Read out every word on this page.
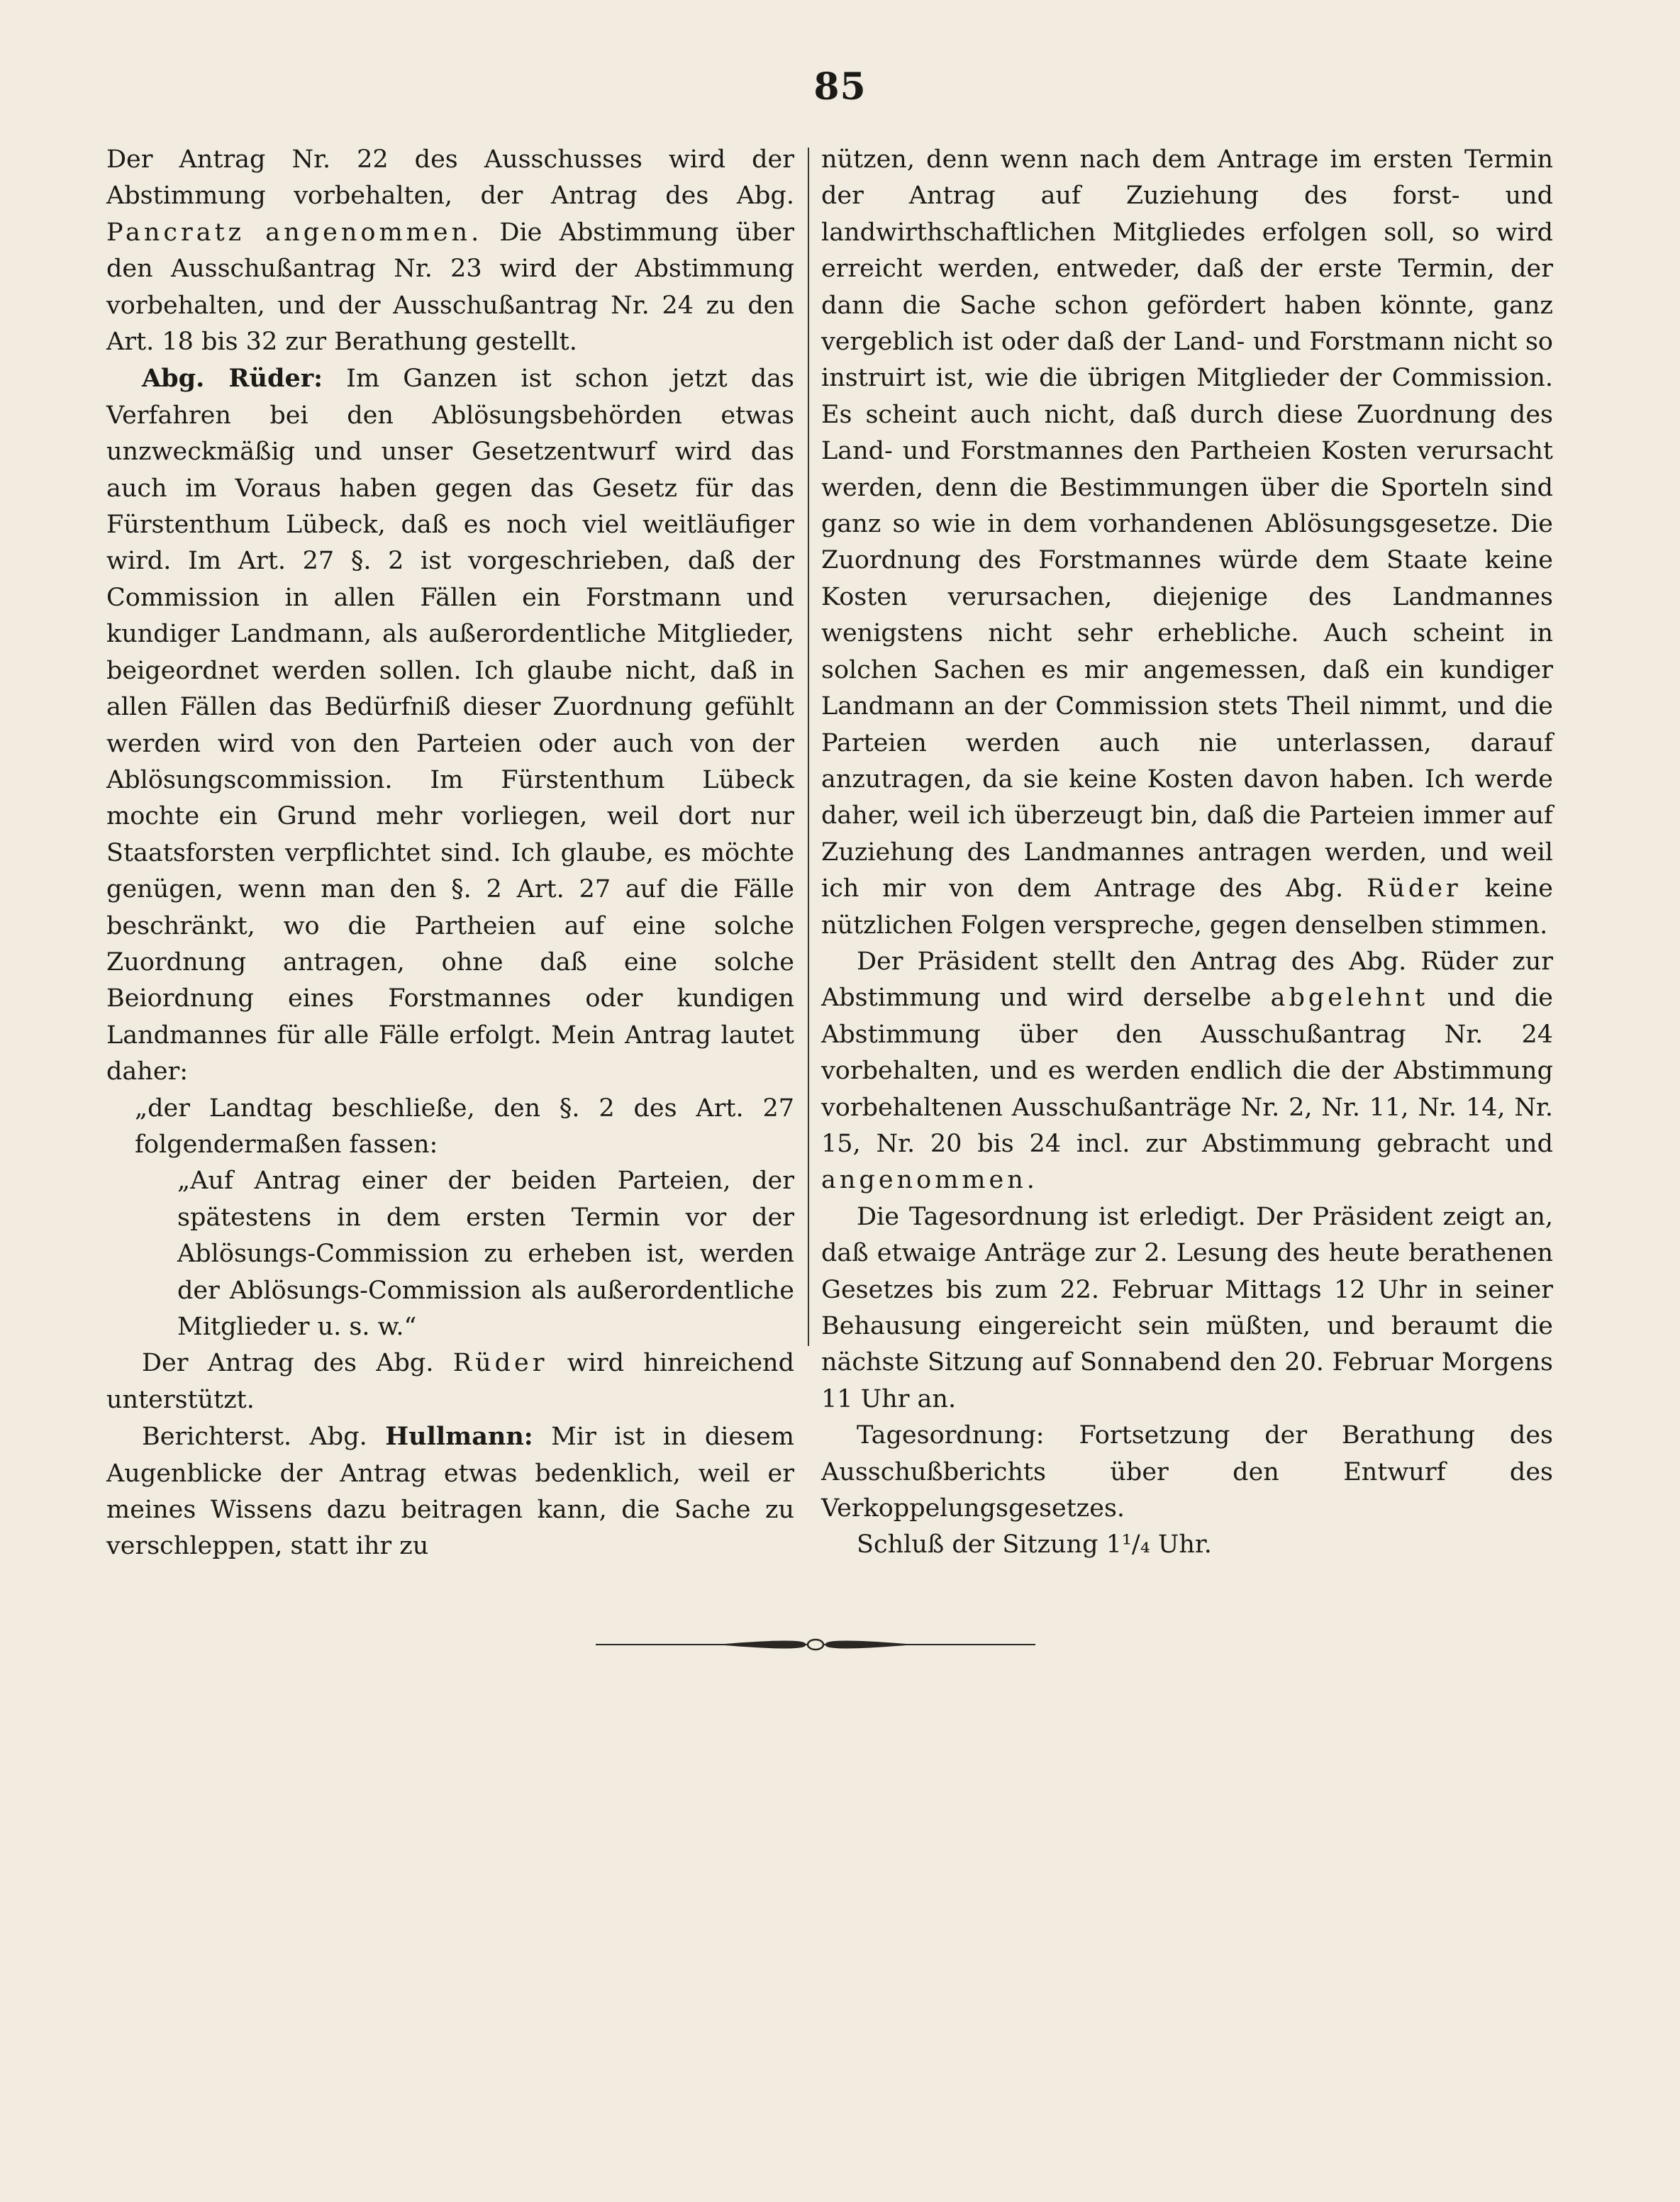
85

Der Antrag Nr. 22 des Ausschusses wird der Abstimmung vorbehalten, der Antrag des Abg. Pancratz angenommen. Die Abstimmung über den Ausschußantrag Nr. 23 wird der Abstimmung vorbehalten, und der Ausschußantrag Nr. 24 zu den Art. 18 bis 32 zur Berathung gestellt.

Abg. Rüder: Im Ganzen ist schon jetzt das Verfahren bei den Ablösungsbehörden etwas unzweckmäßig und unser Gesetzentwurf wird das auch im Voraus haben gegen das Gesetz für das Fürstenthum Lübeck, daß es noch viel weitläufiger wird. Im Art. 27 §. 2 ist vorgeschrieben, daß der Commission in allen Fällen ein Forstmann und kundiger Landmann, als außerordentliche Mitglieder, beigeordnet werden sollen. Ich glaube nicht, daß in allen Fällen das Bedürfniß dieser Zuordnung gefühlt werden wird von den Parteien oder auch von der Ablösungscommission. Im Fürstenthum Lübeck mochte ein Grund mehr vorliegen, weil dort nur Staatsforsten verpflichtet sind. Ich glaube, es möchte genügen, wenn man den §. 2 Art. 27 auf die Fälle beschränkt, wo die Partheien auf eine solche Zuordnung antragen, ohne daß eine solche Beiordnung eines Forstmannes oder kundigen Landmannes für alle Fälle erfolgt. Mein Antrag lautet daher:

„der Landtag beschließe, den §. 2 des Art. 27 folgendermaßen fassen:

„Auf Antrag einer der beiden Parteien, der spätestens in dem ersten Termin vor der Ablösungs-Commission zu erheben ist, werden der Ablösungs-Commission als außerordentliche Mitglieder u. s. w.“

Der Antrag des Abg. Rüder wird hinreichend unterstützt.

Berichterst. Abg. Hullmann: Mir ist in diesem Augenblicke der Antrag etwas bedenklich, weil er meines Wissens dazu beitragen kann, die Sache zu verschleppen, statt ihr zu

nützen, denn wenn nach dem Antrage im ersten Termin der Antrag auf Zuziehung des forst- und landwirthschaftlichen Mitgliedes erfolgen soll, so wird erreicht werden, entweder, daß der erste Termin, der dann die Sache schon gefördert haben könnte, ganz vergeblich ist oder daß der Land- und Forstmann nicht so instruirt ist, wie die übrigen Mitglieder der Commission. Es scheint auch nicht, daß durch diese Zuordnung des Land- und Forstmannes den Partheien Kosten verursacht werden, denn die Bestimmungen über die Sporteln sind ganz so wie in dem vorhandenen Ablösungsgesetze. Die Zuordnung des Forstmannes würde dem Staate keine Kosten verursachen, diejenige des Landmannes wenigstens nicht sehr erhebliche. Auch scheint in solchen Sachen es mir angemessen, daß ein kundiger Landmann an der Commission stets Theil nimmt, und die Parteien werden auch nie unterlassen, darauf anzutragen, da sie keine Kosten davon haben. Ich werde daher, weil ich überzeugt bin, daß die Parteien immer auf Zuziehung des Landmannes antragen werden, und weil ich mir von dem Antrage des Abg. Rüder keine nützlichen Folgen verspreche, gegen denselben stimmen.

Der Präsident stellt den Antrag des Abg. Rüder zur Abstimmung und wird derselbe abgelehnt und die Abstimmung über den Ausschußantrag Nr. 24 vorbehalten, und es werden endlich die der Abstimmung vorbehaltenen Ausschußanträge Nr. 2, Nr. 11, Nr. 14, Nr. 15, Nr. 20 bis 24 incl. zur Abstimmung gebracht und angenommen.

Die Tagesordnung ist erledigt. Der Präsident zeigt an, daß etwaige Anträge zur 2. Lesung des heute berathenen Gesetzes bis zum 22. Februar Mittags 12 Uhr in seiner Behausung eingereicht sein müßten, und beraumt die nächste Sitzung auf Sonnabend den 20. Februar Morgens 11 Uhr an.

Tagesordnung: Fortsetzung der Berathung des Ausschußberichts über den Entwurf des Verkoppelungsgesetzes.

Schluß der Sitzung 1¹/₄ Uhr.
